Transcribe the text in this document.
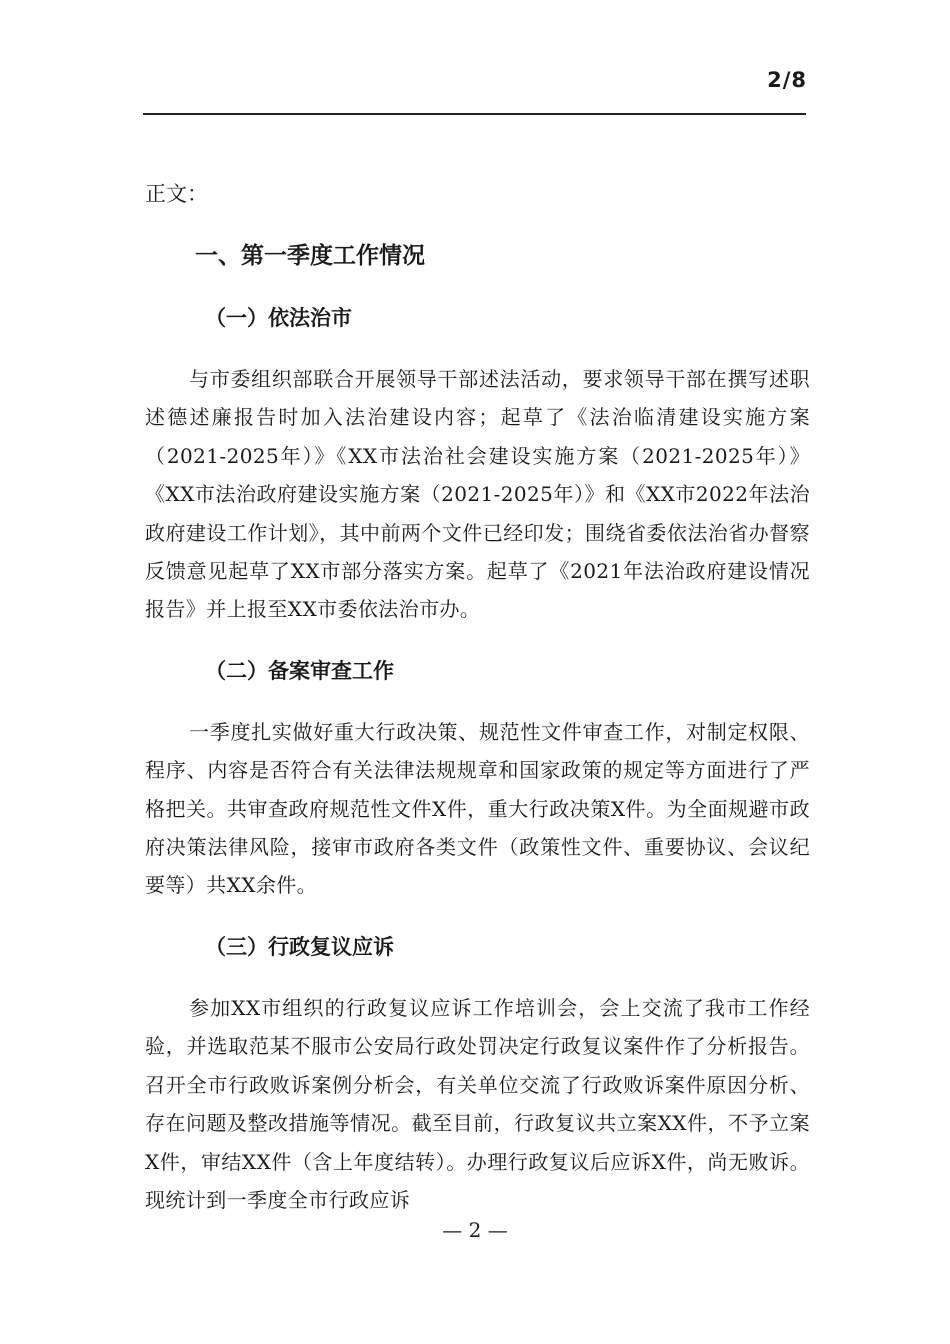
2/8

正文：

一、第一季度工作情况
（一）依法治市

与市委组织部联合开展领导干部述法活动，要求领导干部在撰写述职述德述廉报告时加入法治建设内容；起草了《法治临清建设实施方案（2021-2025年）》《XX市法治社会建设实施方案（2021-2025年）》《XX市法治政府建设实施方案（2021-2025年）》和《XX市2022年法治政府建设工作计划》，其中前两个文件已经印发；围绕省委依法治省办督察反馈意见起草了XX市部分落实方案。起草了《2021年法治政府建设情况报告》并上报至XX市委依法治市办。

（二）备案审查工作

一季度扎实做好重大行政决策、规范性文件审查工作，对制定权限、程序、内容是否符合有关法律法规规章和国家政策的规定等方面进行了严格把关。共审查政府规范性文件X件，重大行政决策X件。为全面规避市政府决策法律风险，接审市政府各类文件（政策性文件、重要协议、会议纪要等）共XX余件。

（三）行政复议应诉

参加XX市组织的行政复议应诉工作培训会，会上交流了我市工作经验，并选取范某不服市公安局行政处罚决定行政复议案件作了分析报告。召开全市行政败诉案例分析会，有关单位交流了行政败诉案件原因分析、存在问题及整改措施等情况。截至目前，行政复议共立案XX件，不予立案X件，审结XX件（含上年度结转）。办理行政复议后应诉X件，尚无败诉。现统计到一季度全市行政应诉

— 2 —
